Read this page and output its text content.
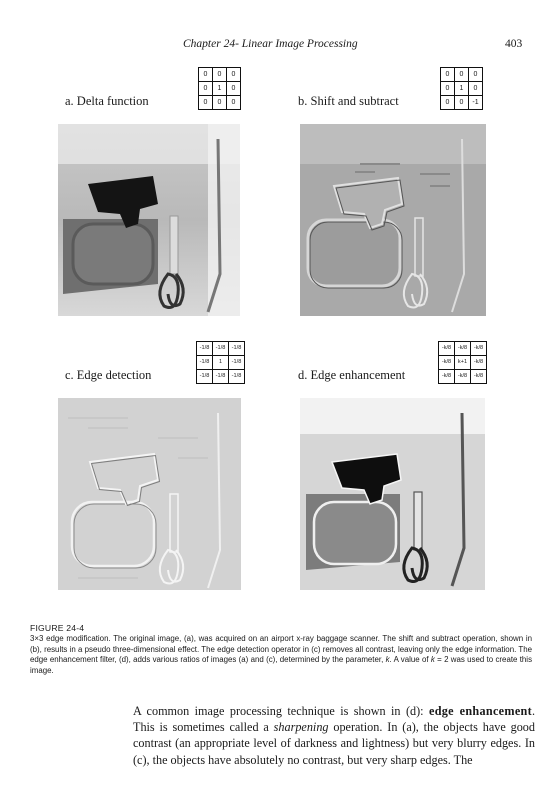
Chapter 24- Linear Image Processing	403
a. Delta function
0	0	0
0	1	0
0	0	0	b. Shift and subtract
0	0	0
0	1	0
0	0	-1
c. Edge detection
-1/8	-1/8	-1/8
-1/8	1	-1/8
-1/8	-1/8	-1/8	d. Edge enhancement
-k/8	-k/8	-k/8
-k/8	k+1	-k/8
-k/8	-k/8	-k/8
FIGURE 24-4
3×3 edge modification. The original image, (a), was acquired on an airport x-ray baggage scanner. The shift and subtract operation, shown in (b), results in a pseudo three-dimensional effect. The edge detection operator in (c) removes all contrast, leaving only the edge information. The edge enhancement filter, (d), adds various ratios of images (a) and (c), determined by the parameter, k. A value of k = 2 was used to create this image.
A common image processing technique is shown in (d): edge enhancement. This is sometimes called a sharpening operation. In (a), the objects have good contrast (an appropriate level of darkness and lightness) but very blurry edges. In (c), the objects have absolutely no contrast, but very sharp edges. The
